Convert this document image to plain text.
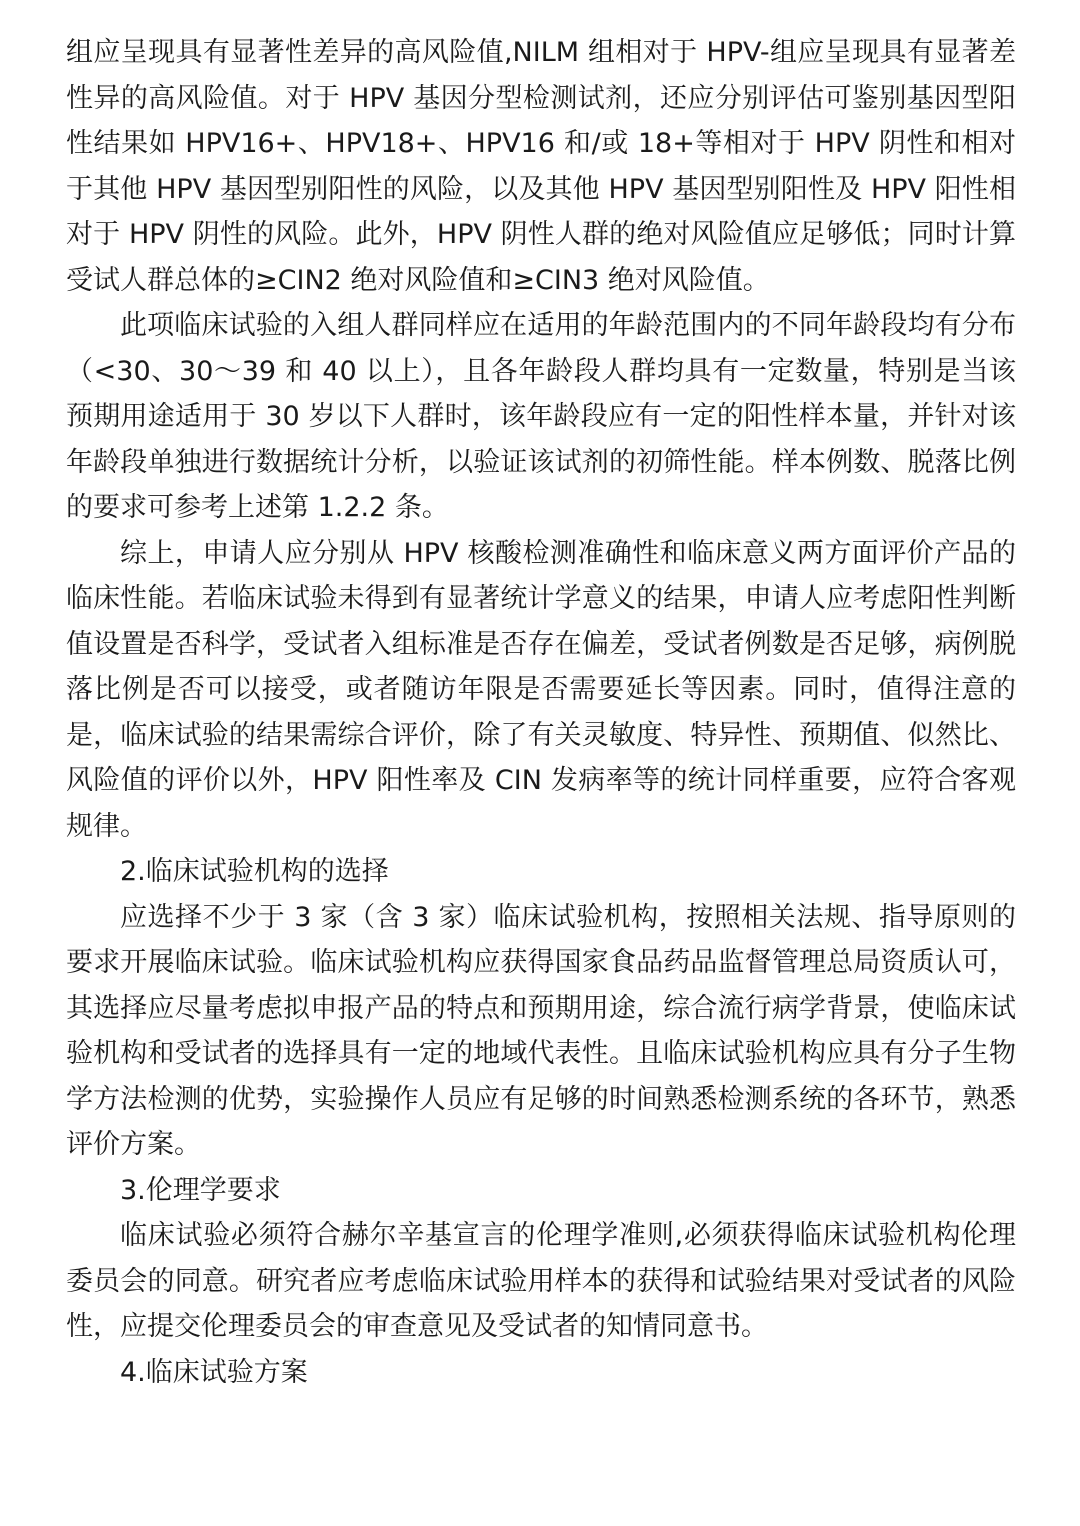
组应呈现具有显著性差异的高风险值,NILM 组相对于 HPV-组应呈现具有显著差性异的高风险值。对于 HPV 基因分型检测试剂，还应分别评估可鉴别基因型阳性结果如 HPV16+、HPV18+、HPV16 和/或 18+等相对于 HPV 阴性和相对于其他 HPV 基因型别阳性的风险，以及其他 HPV 基因型别阳性及 HPV 阳性相对于 HPV 阴性的风险。此外，HPV 阴性人群的绝对风险值应足够低；同时计算受试人群总体的≥CIN2 绝对风险值和≥CIN3 绝对风险值。

此项临床试验的入组人群同样应在适用的年龄范围内的不同年龄段均有分布（<30、30～39 和 40 以上），且各年龄段人群均具有一定数量，特别是当该预期用途适用于 30 岁以下人群时，该年龄段应有一定的阳性样本量，并针对该年龄段单独进行数据统计分析，以验证该试剂的初筛性能。样本例数、脱落比例的要求可参考上述第 1.2.2 条。

综上，申请人应分别从 HPV 核酸检测准确性和临床意义两方面评价产品的临床性能。若临床试验未得到有显著统计学意义的结果，申请人应考虑阳性判断值设置是否科学，受试者入组标准是否存在偏差，受试者例数是否足够，病例脱落比例是否可以接受，或者随访年限是否需要延长等因素。同时，值得注意的是，临床试验的结果需综合评价，除了有关灵敏度、特异性、预期值、似然比、风险值的评价以外，HPV 阳性率及 CIN 发病率等的统计同样重要，应符合客观规律。

2.临床试验机构的选择

应选择不少于 3 家（含 3 家）临床试验机构，按照相关法规、指导原则的要求开展临床试验。临床试验机构应获得国家食品药品监督管理总局资质认可，其选择应尽量考虑拟申报产品的特点和预期用途，综合流行病学背景，使临床试验机构和受试者的选择具有一定的地域代表性。且临床试验机构应具有分子生物学方法检测的优势，实验操作人员应有足够的时间熟悉检测系统的各环节，熟悉评价方案。

3.伦理学要求

临床试验必须符合赫尔辛基宣言的伦理学准则,必须获得临床试验机构伦理委员会的同意。研究者应考虑临床试验用样本的获得和试验结果对受试者的风险性，应提交伦理委员会的审查意见及受试者的知情同意书。

4.临床试验方案
